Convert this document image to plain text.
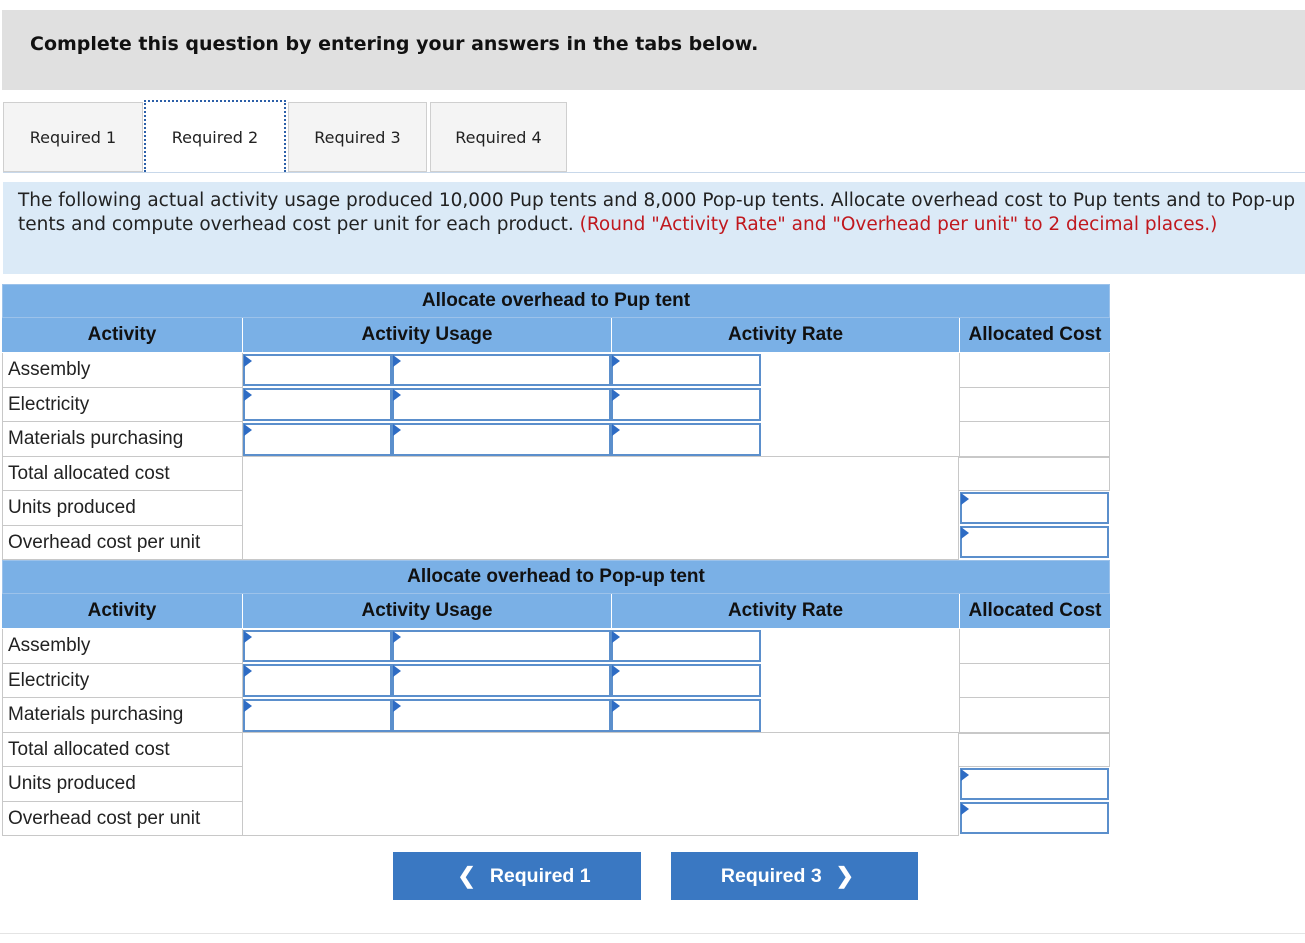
Complete this question by entering your answers in the tabs below.
Required 1	Required 2	Required 3	Required 4
The following actual activity usage produced 10,000 Pup tents and 8,000 Pop-up tents. Allocate overhead cost to Pup tents and to Pop-up tents and compute overhead cost per unit for each product. (Round "Activity Rate" and "Overhead per unit" to 2 decimal places.)
Allocate overhead to Pup tent
Activity	Activity Usage	Activity Rate	Allocated Cost
Assembly
Electricity
Materials purchasing
Total allocated cost
Units produced
Overhead cost per unit
Allocate overhead to Pop-up tent
Activity	Activity Usage	Activity Rate	Allocated Cost
Assembly
Electricity
Materials purchasing
Total allocated cost
Units produced
Overhead cost per unit
❮ Required 1	Required 3 ❯
